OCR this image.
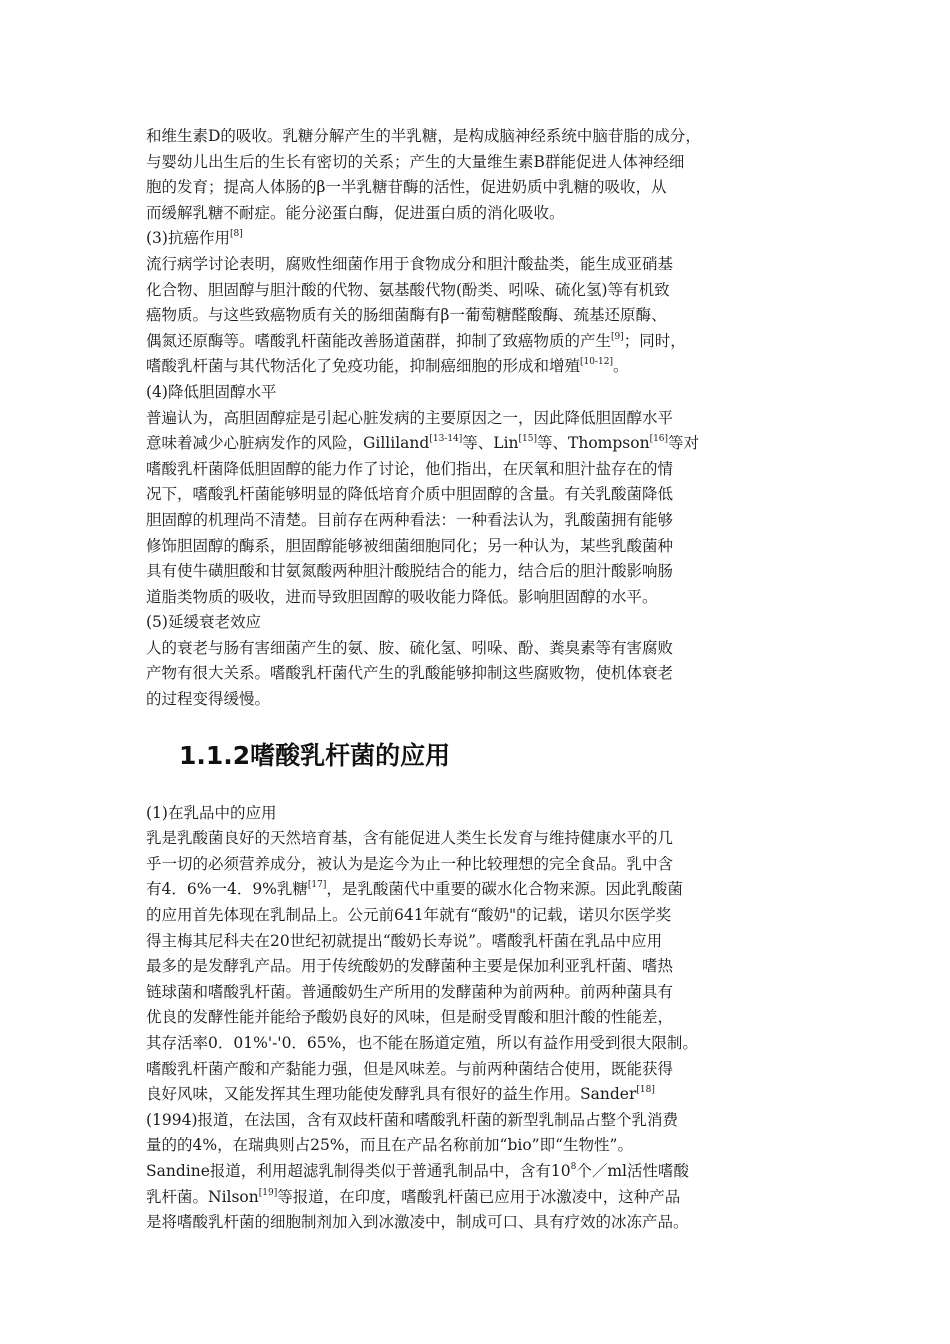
和维生素D的吸收。乳糖分解产生的半乳糖，是构成脑神经系统中脑苷脂的成分，
与婴幼儿出生后的生长有密切的关系；产生的大量维生素B群能促进人体神经细
胞的发育；提高人体肠的β一半乳糖苷酶的活性，促进奶质中乳糖的吸收，从
而缓解乳糖不耐症。能分泌蛋白酶，促进蛋白质的消化吸收。
(3)抗癌作用[8]
流行病学讨论表明，腐败性细菌作用于食物成分和胆汁酸盐类，能生成亚硝基
化合物、胆固醇与胆汁酸的代物、氨基酸代物(酚类、吲哚、硫化氢)等有机致
癌物质。与这些致癌物质有关的肠细菌酶有β一葡萄糖醛酸酶、巯基还原酶、
偶氮还原酶等。嗜酸乳杆菌能改善肠道菌群，抑制了致癌物质的产生[9]；同时，
嗜酸乳杆菌与其代物活化了免疫功能，抑制癌细胞的形成和增殖[10-12]。
(4)降低胆固醇水平
普遍认为，高胆固醇症是引起心脏发病的主要原因之一，因此降低胆固醇水平
意味着减少心脏病发作的风险，Gilliland[13-14]等、Lin[15]等、Thompson[16]等对
嗜酸乳杆菌降低胆固醇的能力作了讨论，他们指出，在厌氧和胆汁盐存在的情
况下，嗜酸乳杆菌能够明显的降低培育介质中胆固醇的含量。有关乳酸菌降低
胆固醇的机理尚不清楚。目前存在两种看法：一种看法认为，乳酸菌拥有能够
修饰胆固醇的酶系，胆固醇能够被细菌细胞同化；另一种认为，某些乳酸菌种
具有使牛磺胆酸和甘氨氮酸两种胆汁酸脱结合的能力，结合后的胆汁酸影响肠
道脂类物质的吸收，进而导致胆固醇的吸收能力降低。影响胆固醇的水平。
(5)延缓衰老效应
人的衰老与肠有害细菌产生的氨、胺、硫化氢、吲哚、酚、粪臭素等有害腐败
产物有很大关系。嗜酸乳杆菌代产生的乳酸能够抑制这些腐败物，使机体衰老
的过程变得缓慢。
1.1.2嗜酸乳杆菌的应用
(1)在乳品中的应用
乳是乳酸菌良好的天然培育基，含有能促进人类生长发育与维持健康水平的几
乎一切的必须营养成分，被认为是迄今为止一种比较理想的完全食品。乳中含
有4．6%一4．9%乳糖[17]，是乳酸菌代中重要的碳水化合物来源。因此乳酸菌
的应用首先体现在乳制品上。公元前641年就有“酸奶"的记载，诺贝尔医学奖
得主梅其尼科夫在20世纪初就提出“酸奶长寿说”。嗜酸乳杆菌在乳品中应用
最多的是发酵乳产品。用于传统酸奶的发酵菌种主要是保加利亚乳杆菌、嗜热
链球菌和嗜酸乳杆菌。普通酸奶生产所用的发酵菌种为前两种。前两种菌具有
优良的发酵性能并能给予酸奶良好的风味，但是耐受胃酸和胆汁酸的性能差，
其存活率0．01%'-'0．65%，也不能在肠道定殖，所以有益作用受到很大限制。
嗜酸乳杆菌产酸和产黏能力强，但是风味差。与前两种菌结合使用，既能获得
良好风味，又能发挥其生理功能使发酵乳具有很好的益生作用。Sander[18]
(1994)报道，在法国，含有双歧杆菌和嗜酸乳杆菌的新型乳制品占整个乳消费
量的的4%，在瑞典则占25%，而且在产品名称前加“bio”即“生物性”。
Sandine报道，利用超滤乳制得类似于普通乳制品中，含有$10^8$个／ml活性嗜酸
乳杆菌。Nilson[19]等报道，在印度，嗜酸乳杆菌已应用于冰激凌中，这种产品
是将嗜酸乳杆菌的细胞制剂加入到冰激凌中，制成可口、具有疗效的冰冻产品。
